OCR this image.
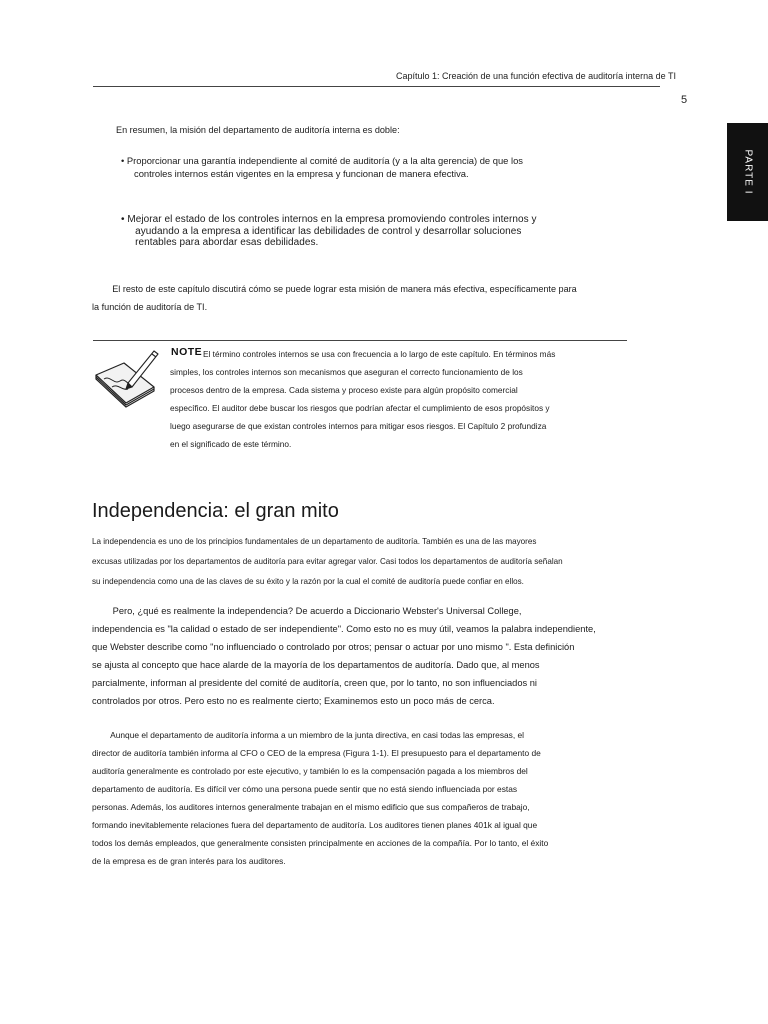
Capítulo 1: Creación de una función efectiva de auditoría interna de TI
5
PARTE I
En resumen, la misión del departamento de auditoría interna es doble:
• Proporcionar una garantía independiente al comité de auditoría (y a la alta gerencia) de que los
controles internos están vigentes en la empresa y funcionan de manera efectiva.
• Mejorar el estado de los controles internos en la empresa promoviendo controles internos y
ayudando a la empresa a identificar las debilidades de control y desarrollar soluciones
rentables para abordar esas debilidades.
El resto de este capítulo discutirá cómo se puede lograr esta misión de manera más efectiva, específicamente para
la función de auditoría de TI.
NOTE El término controles internos se usa con frecuencia a lo largo de este capítulo. En términos más
simples, los controles internos son mecanismos que aseguran el correcto funcionamiento de los
procesos dentro de la empresa. Cada sistema y proceso existe para algún propósito comercial
específico. El auditor debe buscar los riesgos que podrían afectar el cumplimiento de esos propósitos y
luego asegurarse de que existan controles internos para mitigar esos riesgos. El Capítulo 2 profundiza
en el significado de este término.
Independencia: el gran mito
La independencia es uno de los principios fundamentales de un departamento de auditoría. También es una de las mayores
excusas utilizadas por los departamentos de auditoría para evitar agregar valor. Casi todos los departamentos de auditoría señalan
su independencia como una de las claves de su éxito y la razón por la cual el comité de auditoría puede confiar en ellos.
Pero, ¿qué es realmente la independencia? De acuerdo a Diccionario Webster's Universal College,
independencia es "la calidad o estado de ser independiente". Como esto no es muy útil, veamos la palabra independiente,
que Webster describe como "no influenciado o controlado por otros; pensar o actuar por uno mismo ". Esta definición
se ajusta al concepto que hace alarde de la mayoría de los departamentos de auditoría. Dado que, al menos
parcialmente, informan al presidente del comité de auditoría, creen que, por lo tanto, no son influenciados ni
controlados por otros. Pero esto no es realmente cierto; Examinemos esto un poco más de cerca.
Aunque el departamento de auditoría informa a un miembro de la junta directiva, en casi todas las empresas, el
director de auditoría también informa al CFO o CEO de la empresa (Figura 1-1). El presupuesto para el departamento de
auditoría generalmente es controlado por este ejecutivo, y también lo es la compensación pagada a los miembros del
departamento de auditoría. Es difícil ver cómo una persona puede sentir que no está siendo influenciada por estas
personas. Además, los auditores internos generalmente trabajan en el mismo edificio que sus compañeros de trabajo,
formando inevitablemente relaciones fuera del departamento de auditoría. Los auditores tienen planes 401k al igual que
todos los demás empleados, que generalmente consisten principalmente en acciones de la compañía. Por lo tanto, el éxito
de la empresa es de gran interés para los auditores.
